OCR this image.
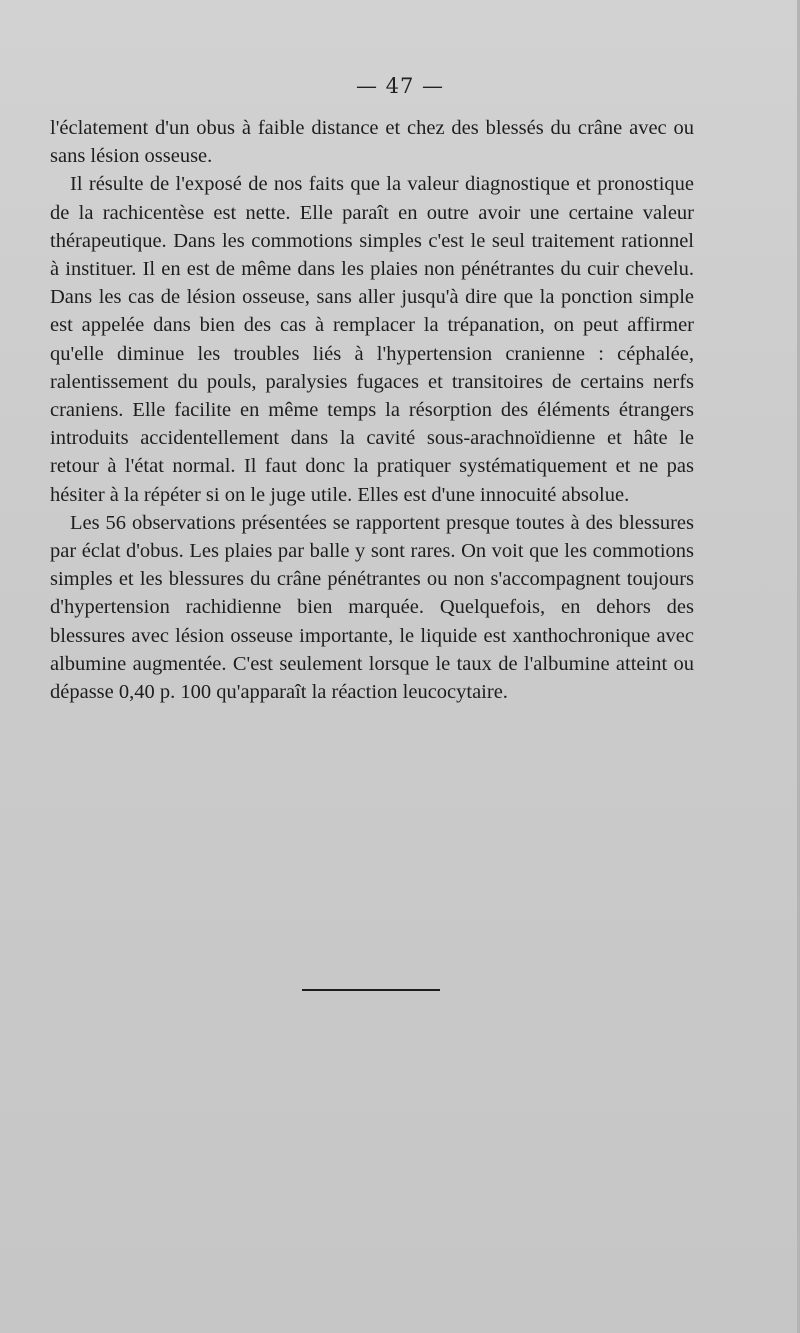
— 47 —

l'éclatement d'un obus à faible distance et chez des blessés du crâne avec ou sans lésion osseuse.

Il résulte de l'exposé de nos faits que la valeur diagnostique et pronostique de la rachicentèse est nette. Elle paraît en outre avoir une certaine valeur thérapeutique. Dans les commotions simples c'est le seul traitement rationnel à instituer. Il en est de même dans les plaies non pénétrantes du cuir chevelu. Dans les cas de lésion osseuse, sans aller jusqu'à dire que la ponction simple est appelée dans bien des cas à remplacer la trépanation, on peut affirmer qu'elle diminue les troubles liés à l'hypertension cranienne : céphalée, ralentissement du pouls, paralysies fugaces et transitoires de certains nerfs craniens. Elle facilite en même temps la résorption des éléments étrangers introduits accidentellement dans la cavité sous-arachnoïdienne et hâte le retour à l'état normal. Il faut donc la pratiquer systématiquement et ne pas hésiter à la répéter si on le juge utile. Elles est d'une innocuité absolue.

Les 56 observations présentées se rapportent presque toutes à des blessures par éclat d'obus. Les plaies par balle y sont rares. On voit que les commotions simples et les blessures du crâne pénétrantes ou non s'accompagnent toujours d'hypertension rachidienne bien marquée. Quelquefois, en dehors des blessures avec lésion osseuse importante, le liquide est xanthochronique avec albumine augmentée. C'est seulement lorsque le taux de l'albumine atteint ou dépasse 0,40 p. 100 qu'apparaît la réaction leucocytaire.
